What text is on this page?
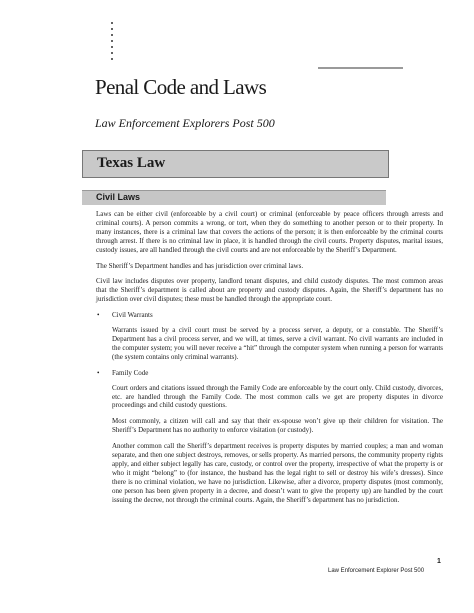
Penal Code and Laws
Law Enforcement Explorers Post 500
Texas Law
Civil Laws

Laws can be either civil (enforceable by a civil court) or criminal (enforceable by peace officers through arrests and criminal courts). A person commits a wrong, or tort, when they do something to another person or to their property. In many instances, there is a criminal law that covers the actions of the person; it is then enforceable by the criminal courts through arrest. If there is no criminal law in place, it is handled through the civil courts. Property disputes, marital issues, custody issues, are all handled through the civil courts and are not enforceable by the Sheriff’s Department.

The Sheriff’s Department handles and has jurisdiction over criminal laws.

Civil law includes disputes over property, landlord tenant disputes, and child custody disputes. The most common areas that the Sheriff’s department is called about are property and custody disputes. Again, the Sheriff’s department has no jurisdiction over civil disputes; these must be handled through the appropriate court.

• Civil Warrants

Warrants issued by a civil court must be served by a process server, a deputy, or a constable. The Sheriff’s Department has a civil process server, and we will, at times, serve a civil warrant. No civil warrants are included in the computer system; you will never receive a “hit” through the computer system when running a person for warrants (the system contains only criminal warrants).

• Family Code

Court orders and citations issued through the Family Code are enforceable by the court only. Child custody, divorces, etc. are handled through the Family Code. The most common calls we get are property disputes in divorce proceedings and child custody questions.

Most commonly, a citizen will call and say that their ex-spouse won’t give up their children for visitation. The Sheriff’s Department has no authority to enforce visitation (or custody).

Another common call the Sheriff’s department receives is property disputes by married couples; a man and woman separate, and then one subject destroys, removes, or sells property. As married persons, the community property rights apply, and either subject legally has care, custody, or control over the property, irrespective of what the property is or who it might “belong” to (for instance, the husband has the legal right to sell or destroy his wife’s dresses). Since there is no criminal violation, we have no jurisdiction. Likewise, after a divorce, property disputes (most commonly, one person has been given property in a decree, and doesn’t want to give the property up) are handled by the court issuing the decree, not through the criminal courts. Again, the Sheriff’s department has no jurisdiction.

1
Law Enforcement Explorer Post 500
